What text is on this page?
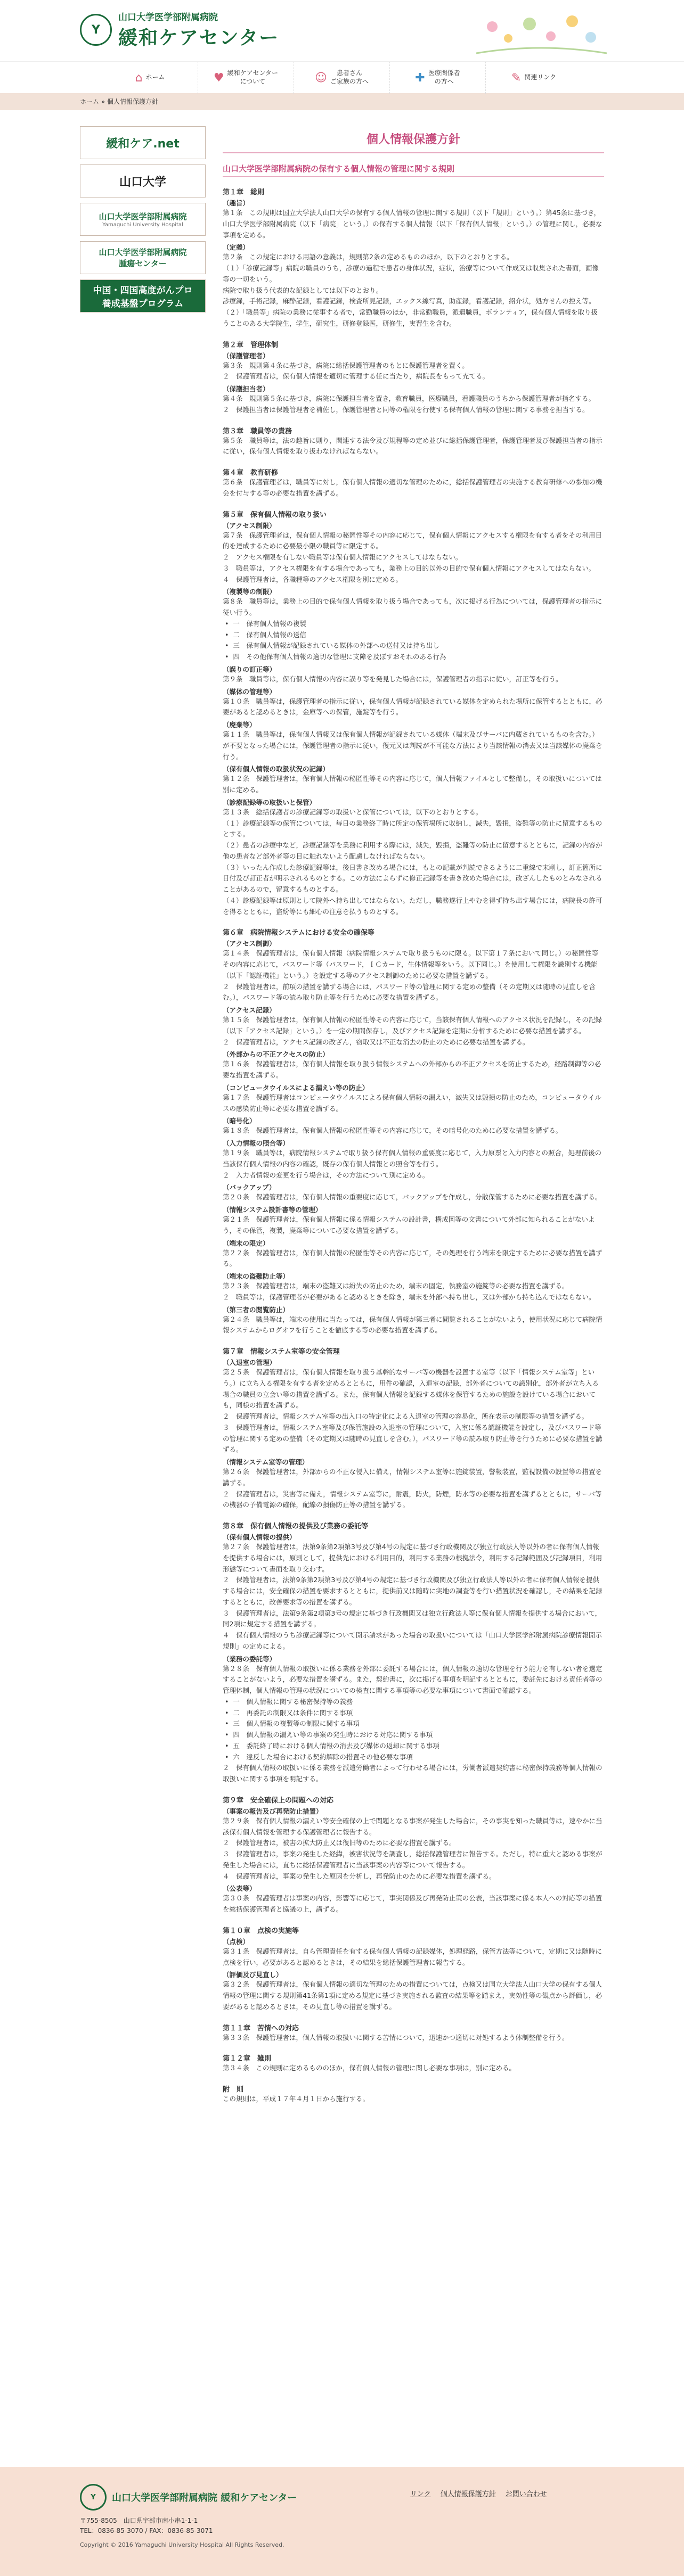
Y
山口大学医学部附属病院
緩和ケアセンター
⌂ ホーム	♥ 緩和ケアセンター
について	☺	患者さん
ご家族の方へ	✚ 医療関係者
の方へ	✎ 関連リンク
ホーム » 個人情報保護方針
緩和ケア.net
山口大学
山口大学医学部附属病院
Yamaguchi University Hospital
山口大学医学部附属病院
腫瘍センター
中国・四国高度がんプロ
養成基盤プログラム
個人情報保護方針
山口大学医学部附属病院の保有する個人情報の管理に関する規則
第１章　総則
（趣旨）
第１条　この規則は国立大学法人山口大学の保有する個人情報の管理に関する規則（以下「規則」という。）第45条に基づき，山口大学医学部附属病院（以下「病院」という。）の保有する個人情報（以下「保有個人情報」という。）の管理に関し，必要な事項を定める。
（定義）
第２条　この規定における用語の意義は，規則第2条の定めるもののほか，以下のとおりとする。
（１）「診療記録等」病院の職員のうち，診療の過程で患者の身体状況，症状，治療等について作成又は収集された書面，画像等の一切をいう。
病院で取り扱う代表的な記録としては以下のとおり。
診療録，手術記録，麻酔記録，看護記録，検査所見記録，エックス線写真，助産録，看護記録，紹介状，処方せんの控え等。
（２）「職員等」病院の業務に従事する者で，常勤職員のほか，非常勤職員，派遣職員，ボランティア，保有個人情報を取り扱うことのある大学院生，学生，研究生，研修登録医，研修生，実習生を含む。
第２章　管理体制
（保護管理者）
第３条　規則第４条に基づき，病院に総括保護管理者のもとに保護管理者を置く。
２　保護管理者は，保有個人情報を適切に管理する任に当たり，病院長をもって充てる。
（保護担当者）
第４条　規則第５条に基づき，病院に保護担当者を置き，教育職員，医療職員，看護職員のうちから保護管理者が指名する。
２　保護担当者は保護管理者を補佐し，保護管理者と同等の権限を行使する保有個人情報の管理に関する事務を担当する。
第３章　職員等の責務
第５条　職員等は，法の趣旨に則り，関連する法令及び規程等の定め並びに総括保護管理者，保護管理者及び保護担当者の指示に従い，保有個人情報を取り扱わなければならない。
第４章　教育研修
第６条　保護管理者は，職員等に対し，保有個人情報の適切な管理のために，総括保護管理者の実施する教育研修への参加の機会を付与する等の必要な措置を講ずる。
第５章　保有個人情報の取り扱い
（アクセス制限）
第７条　保護管理者は，保有個人情報の秘匿性等その内容に応じて，保有個人情報にアクセスする権限を有する者をその利用目的を達成するために必要最小限の職員等に限定する。
２　アクセス権限を有しない職員等は保有個人情報にアクセスしてはならない。
３　職員等は，アクセス権限を有する場合であっても，業務上の目的以外の目的で保有個人情報にアクセスしてはならない。
４　保護管理者は，各職種等のアクセス権限を別に定める。
（複製等の制限）
第８条　職員等は，業務上の目的で保有個人情報を取り扱う場合であっても，次に掲げる行為については，保護管理者の指示に従い行う。
•  一　保有個人情報の複製
•  二　保有個人情報の送信
•  三　保有個人情報が記録されている媒体の外部への送付又は持ち出し
•  四　その他保有個人情報の適切な管理に支障を及ぼすおそれのある行為
（誤りの訂正等）
第９条　職員等は，保有個人情報の内容に誤り等を発見した場合には，保護管理者の指示に従い，訂正等を行う。
（媒体の管理等）
第１０条　職員等は，保護管理者の指示に従い，保有個人情報が記録されている媒体を定められた場所に保管するとともに，必要があると認めるときは，金庫等への保管，施錠等を行う。
（廃棄等）
第１１条　職員等は，保有個人情報又は保有個人情報が記録されている媒体（端末及びサーバに内蔵されているものを含む。）が不要となった場合には，保護管理者の指示に従い，復元又は判読が不可能な方法により当該情報の消去又は当該媒体の廃棄を行う。
（保有個人情報の取扱状況の記録）
第１２条　保護管理者は，保有個人情報の秘匿性等その内容に応じて，個人情報ファイルとして整備し，その取扱いについては別に定める。
（診療記録等の取扱いと保管）
第１３条　総括保護者の診療記録等の取扱いと保管については，以下のとおりとする。
（１）診療記録等の保管については，毎日の業務終了時に所定の保管場所に収納し，減失，毀損，盗難等の防止に留意するものとする。
（２）患者の診療中など，診療記録等を業務に利用する際には，減失，毀損，盗難等の防止に留意するとともに，記録の内容が他の患者など部外者等の目に触れないよう配慮しなければならない。
（３）いったん作成した診療記録等は，後日書き改める場合には，もとの記載が判読できるように二重線で末削し，訂正箇所に日付及び訂正者が明示されるものとする。この方法によらずに修正記録等を書き改めた場合には，改ざんしたものとみなされることがあるので，留意するものとする。
（４）診療記録等は原則として院外へ持ち出してはならない。ただし，職務遂行上やむを得ず持ち出す場合には，病院長の許可を得るとともに，盗紛等にも細心の注意を払うものとする。
第６章　病院情報システムにおける安全の確保等
（アクセス制御）
第１４条　保護管理者は，保有個人情報（病院情報システムで取り扱うものに限る。以下第１７条において同じ。）の秘匿性等その内容に応じて，パスワード等（パスワード，ＩＣカード，生体情報等をいう。以下同じ。）を使用して権限を識別する機能（以下「認証機能」という。）を設定する等のアクセス制御のために必要な措置を講ずる。
２　保護管理者は，前項の措置を講ずる場合には，パスワード等の管理に関する定めの整備（その定期又は随時の見直しを含む。），パスワード等の読み取り防止等を行うために必要な措置を講ずる。
（アクセス記録）
第１５条　保護管理者は，保有個人情報の秘匿性等その内容に応じて，当該保有個人情報へのアクセス状況を記録し，その記録（以下「アクセス記録」という。）を一定の期間保存し，及びアクセス記録を定期に分析するために必要な措置を講ずる。
２　保護管理者は，アクセス記録の改ざん，窃取又は不正な消去の防止のために必要な措置を講ずる。
（外部からの不正アクセスの防止）
第１６条　保護管理者は，保有個人情報を取り扱う情報システムへの外部からの不正アクセスを防止するため，経路制御等の必要な措置を講ずる。
（コンピュータウイルスによる漏えい等の防止）
第１７条　保護管理者はコンピュータウイルスによる保有個人情報の漏えい，滅失又は毀損の防止のため，コンピュータウイルスの感染防止等に必要な措置を講ずる。
（暗号化）
第１８条　保護管理者は，保有個人情報の秘匿性等その内容に応じて，その暗号化のために必要な措置を講ずる。
（入力情報の照合等）
第１９条　職員等は，病院情報システムで取り扱う保有個人情報の重要度に応じて，入力原票と入力内容との照合，処理前後の当該保有個人情報の内容の確認，既存の保有個人情報との照合等を行う。
２　入力者情報の変更を行う場合は，その方法について別に定める。
（バックアップ）
第２０条　保護管理者は，保有個人情報の重要度に応じて，バックアップを作成し，分散保管するために必要な措置を講ずる。
（情報システム設計書等の管理）
第２１条　保護管理者は，保有個人情報に係る情報システムの設計書，構成図等の文書について外部に知られることがないよう，その保管，複製，廃棄等について必要な措置を講ずる。
（端末の限定）
第２２条　保護管理者は，保有個人情報の秘匿性等その内容に応じて，その処理を行う端末を限定するために必要な措置を講ずる。
（端末の盗難防止等）
第２３条　保護管理者は，端末の盗難又は紛失の防止のため，端末の固定，執務室の施錠等の必要な措置を講ずる。
２　職員等は，保護管理者が必要があると認めるときを除き，端末を外部へ持ち出し，又は外部から持ち込んではならない。
（第三者の閲覧防止）
第２４条　職員等は，端末の使用に当たっては，保有個人情報が第三者に閲覧されることがないよう，使用状況に応じて病院情報システムからログオフを行うことを徹底する等の必要な措置を講ずる。
第７章　情報システム室等の安全管理
（入退室の管理）
第２５条　保護管理者は，保有個人情報を取り扱う基幹的なサーバ等の機器を設置する室等（以下「情報システム室等」という。）に立ち入る権限を有する者を定めるとともに，用件の確認，入退室の記録，部外者についての識別化，部外者が立ち入る場合の職員の立会い等の措置を講ずる。また，保有個人情報を記録する媒体を保管するための施設を設けている場合においても，同様の措置を講ずる。
２　保護管理者は，情報システム室等の出入口の特定化による入退室の管理の容易化，所在表示の制限等の措置を講ずる。
３　保護管理者は，情報システム室等及び保管施設の入退室の管理について，入室に係る認証機能を設定し，及びパスワード等の管理に関する定めの整備（その定期又は随時の見直しを含む。），パスワード等の読み取り防止等を行うために必要な措置を講ずる。
（情報システム室等の管理）
第２６条　保護管理者は，外部からの不正な侵入に備え，情報システム室等に施錠装置，警報装置，監視設備の設置等の措置を講ずる。
２　保護管理者は，災害等に備え，情報システム室等に，耐震，防火，防煙，防水等の必要な措置を講ずるとともに，サーバ等の機器の予備電源の確保，配線の損傷防止等の措置を講ずる。
第８章　保有個人情報の提供及び業務の委託等
（保有個人情報の提供）
第２７条　保護管理者は，法第9条第2項第3号及び第4号の規定に基づき行政機関及び独立行政法人等以外の者に保有個人情報を提供する場合には，原則として，提供先における利用目的，利用する業務の根拠法令，利用する記録範囲及び記録項目，利用形態等について書面を取り交わす。
２　保護管理者は，法第9条第2項第3号及び第4号の規定に基づき行政機関及び独立行政法人等以外の者に保有個人情報を提供する場合には，安全確保の措置を要求するとともに，提供前又は随時に実地の調査等を行い措置状況を確認し，その結果を記録するとともに，改善要求等の措置を講ずる。
３　保護管理者は，法第9条第2項第3号の規定に基づき行政機関又は独立行政法人等に保有個人情報を提供する場合において，同2項に規定する措置を講ずる。
４　保有個人情報のうち診療記録等について開示請求があった場合の取扱いについては「山口大学医学部附属病院診療情報開示規則」の定めによる。
（業務の委託等）
第２８条　保有個人情報の取扱いに係る業務を外部に委託する場合には，個人情報の適切な管理を行う能力を有しない者を選定することがないよう，必要な措置を講ずる。また，契約書に，次に掲げる事項を明記するとともに，委託先における責任者等の管理体制，個人情報の管理の状況についての検査に関する事項等の必要な事項について書面で確認する。
•  一　個人情報に関する秘密保持等の義務
•  二　再委託の制限又は条件に関する事項
•  三　個人情報の複製等の制限に関する事項
•  四　個人情報の漏えい等の事案の発生時における対応に関する事項
•  五　委託終了時における個人情報の消去及び媒体の返却に関する事項
•  六　違反した場合における契約解除の措置その他必要な事項
２　保有個人情報の取扱いに係る業務を派遣労働者によって行わせる場合には，労働者派遣契約書に秘密保持義務等個人情報の取扱いに関する事項を明記する。
第９章　安全確保上の問題への対応
（事案の報告及び再発防止措置）
第２９条　保有個人情報の漏えい等安全確保の上で問題となる事案が発生した場合に，その事実を知った職員等は，速やかに当該保有個人情報を管理する保護管理者に報告する。
２　保護管理者は，被害の拡大防止又は復旧等のために必要な措置を講ずる。
３　保護管理者は，事案の発生した経緯，被害状況等を調査し，総括保護管理者に報告する。ただし，特に重大と認める事案が発生した場合には，直ちに総括保護管理者に当該事案の内容等について報告する。
４　保護管理者は，事案の発生した原因を分析し，再発防止のために必要な措置を講ずる。
（公表等）
第３０条　保護管理者は事案の内容，影響等に応じて，事実関係及び再発防止策の公表，当該事案に係る本人への対応等の措置を総括保護管理者と協議の上，講ずる。
第１０章　点検の実施等
（点検）
第３１条　保護管理者は，自ら管理責任を有する保有個人情報の記録媒体，処理経路，保管方法等について，定期に又は随時に点検を行い，必要があると認めるときは，その結果を総括保護管理者に報告する。
（評価及び見直し）
第３２条　保護管理者は，保有個人情報の適切な管理のための措置については，点検又は国立大学法人山口大学の保有する個人情報の管理に関する規則第41条第1項に定める規定に基づき実施される監査の結果等を踏まえ，実効性等の観点から評価し，必要があると認めるときは，その見直し等の措置を講ずる。
第１１章　苦情への対応
第３３条　保護管理者は，個人情報の取扱いに関する苦情について，迅速かつ適切に対処するよう体制整備を行う。
第１２章　雑則
第３４条　この規則に定めるもののほか，保有個人情報の管理に関し必要な事項は，別に定める。
附　則
この規則は，平成１７年４月１日から施行する。
Y	山口大学医学部附属病院 緩和ケアセンター
〒755-8505　山口県宇部市南小串1-1-1
TEL：0836-85-3070 / FAX：0836-85-3071
Copyright © 2016 Yamaguchi University Hospital All Rights Reserved.
リンク 個人情報保護方針 お問い合わせ
